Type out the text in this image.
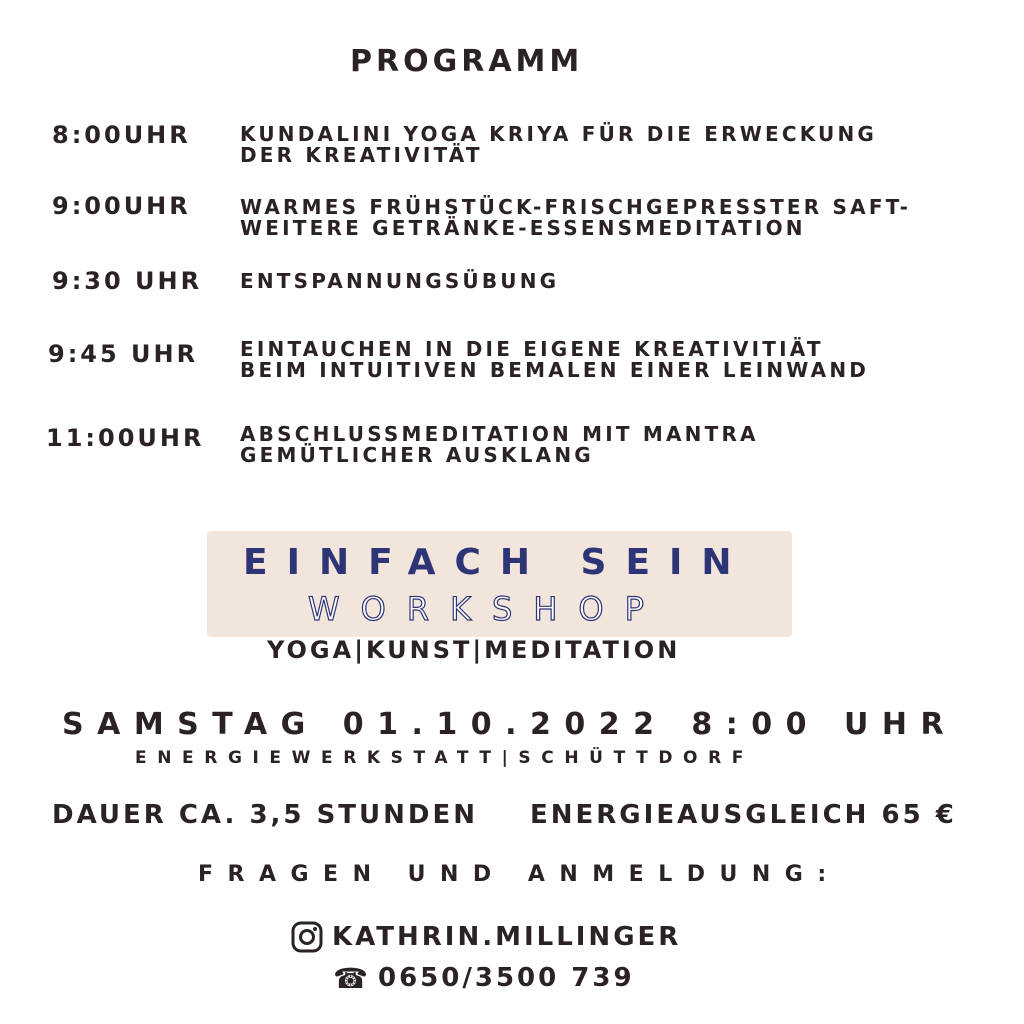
PROGRAMM
8:00UHR KUNDALINI YOGA KRIYA FÜR DIE ERWECKUNG
DER KREATIVITÄT
9:00UHR WARMES FRÜHSTÜCK-FRISCHGEPRESSTER SAFT-
WEITERE GETRÄNKE-ESSENSMEDITATION
9:30 UHR ENTSPANNUNGSÜBUNG
9:45 UHR EINTAUCHEN IN DIE EIGENE KREATIVITIÄT
BEIM INTUITIVEN BEMALEN EINER LEINWAND
11:00UHR ABSCHLUSSMEDITATION MIT MANTRA
GEMÜTLICHER AUSKLANG
EINFACH SEIN
WORKSHOP
YOGA|KUNST|MEDITATION
SAMSTAG 01.10.2022 8:00 UHR
ENERGIEWERKSTATT|SCHÜTTDORF
DAUER CA. 3,5 STUNDEN ENERGIEAUSGLEICH 65 €
FRAGEN UND ANMELDUNG:
KATHRIN.MILLINGER
☎ 0650/3500 739
